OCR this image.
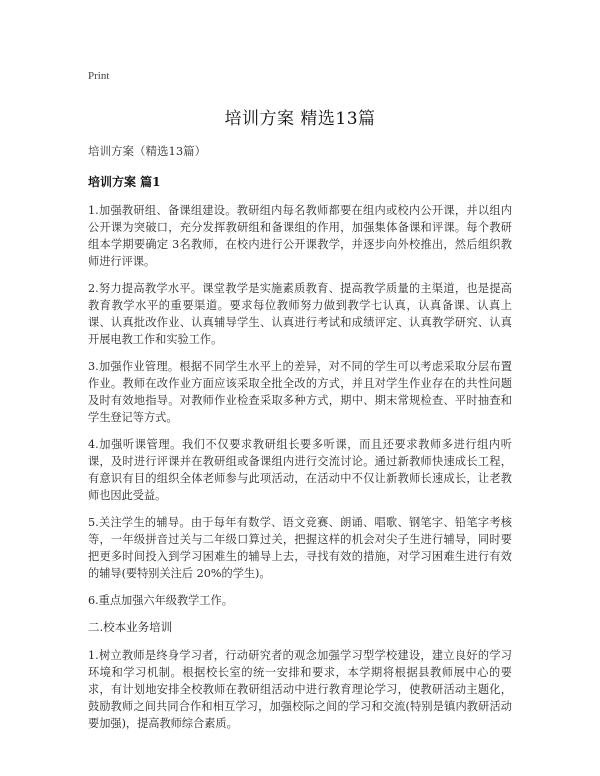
Print
培训方案 精选13篇

培训方案（精选13篇）

培训方案 篇1

1.加强教研组、备课组建设。教研组内每名教师都要在组内或校内公开课，并以组内公开课为突破口，充分发挥教研组和备课组的作用，加强集体备课和评课。每个教研组本学期要确定 3名教师，在校内进行公开课教学，并逐步向外校推出，然后组织教师进行评课。

2.努力提高教学水平。课堂教学是实施素质教育、提高教学质量的主渠道，也是提高教育教学水平的重要渠道。要求每位教师努力做到教学七认真，认真备课、认真上课、认真批改作业、认真辅导学生、认真进行考试和成绩评定、认真教学研究、认真开展电教工作和实验工作。

3.加强作业管理。根据不同学生水平上的差异，对不同的学生可以考虑采取分层布置作业。教师在改作业方面应该采取全批全改的方式，并且对学生作业存在的共性问题及时有效地指导。对教师作业检查采取多种方式，期中、期末常规检查、平时抽查和学生登记等方式。

4.加强听课管理。我们不仅要求教研组长要多听课，而且还要求教师多进行组内听课，及时进行评课并在教研组或备课组内进行交流讨论。通过新教师快速成长工程，有意识有目的组织全体老师参与此项活动，在活动中不仅让新教师长速成长，让老教师也因此受益。

5.关注学生的辅导。由于每年有数学、语文竞赛、朗诵、唱歌、钢笔字、铅笔字考核等，一年级拼音过关与二年级口算过关，把握这样的机会对尖子生进行辅导，同时要把更多时间投入到学习困难生的辅导上去，寻找有效的措施，对学习困难生进行有效的辅导(要特别关注后 20%的学生)。

6.重点加强六年级教学工作。

二.校本业务培训

1.树立教师是终身学习者，行动研究者的观念加强学习型学校建设，建立良好的学习环境和学习机制。根据校长室的统一安排和要求，本学期将根据县教师展中心的要求，有计划地安排全校教师在教研组活动中进行教育理论学习，使教研活动主题化，鼓励教师之间共同合作和相互学习，加强校际之间的学习和交流(特别是镇内教研活动要加强)，提高教师综合素质。
